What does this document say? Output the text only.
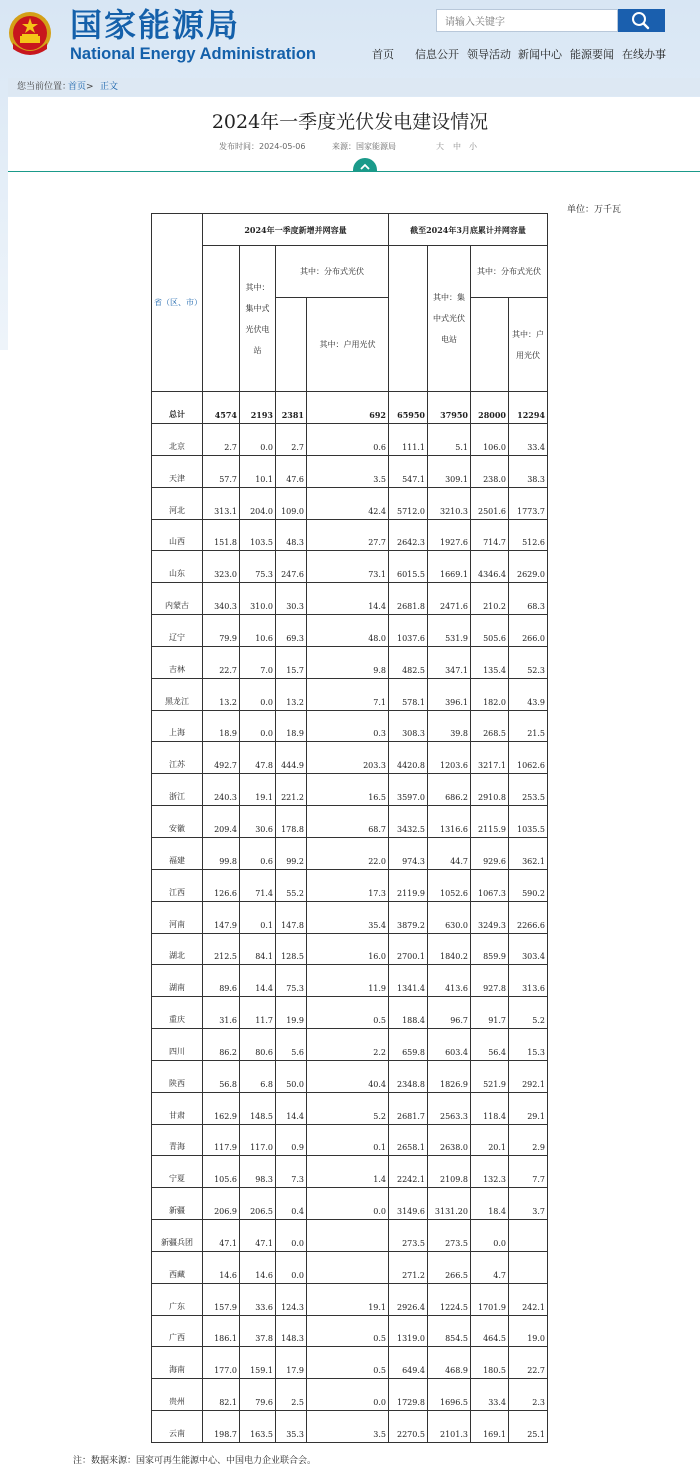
国家能源局
National Energy Administration
请输入关键字	首页 信息公开 领导活动 新闻中心 能源要闻 在线办事
您当前位置：
首页 > 正文
2024年一季度光伏发电建设情况
发布时间：2024-05-06	来源：国家能源局	大 中 小
单位：万千瓦
省（区、市）	2024年一季度新增并网容量				截至2024年3月底累计并网容量			
		其中：集中式光伏电站	其中：分布式光伏			其中：集中式光伏电站	其中：分布式光伏	
				其中：户用光伏				其中：户用光伏

总计	4574	2193	2381	692	65950	37950	28000	12294
北京	2.7	0.0	2.7	0.6	111.1	5.1	106.0	33.4
天津	57.7	10.1	47.6	3.5	547.1	309.1	238.0	38.3
河北	313.1	204.0	109.0	42.4	5712.0	3210.3	2501.6	1773.7
山西	151.8	103.5	48.3	27.7	2642.3	1927.6	714.7	512.6
山东	323.0	75.3	247.6	73.1	6015.5	1669.1	4346.4	2629.0
内蒙古	340.3	310.0	30.3	14.4	2681.8	2471.6	210.2	68.3
辽宁	79.9	10.6	69.3	48.0	1037.6	531.9	505.6	266.0
吉林	22.7	7.0	15.7	9.8	482.5	347.1	135.4	52.3
黑龙江	13.2	0.0	13.2	7.1	578.1	396.1	182.0	43.9
上海	18.9	0.0	18.9	0.3	308.3	39.8	268.5	21.5
江苏	492.7	47.8	444.9	203.3	4420.8	1203.6	3217.1	1062.6
浙江	240.3	19.1	221.2	16.5	3597.0	686.2	2910.8	253.5
安徽	209.4	30.6	178.8	68.7	3432.5	1316.6	2115.9	1035.5
福建	99.8	0.6	99.2	22.0	974.3	44.7	929.6	362.1
江西	126.6	71.4	55.2	17.3	2119.9	1052.6	1067.3	590.2
河南	147.9	0.1	147.8	35.4	3879.2	630.0	3249.3	2266.6
湖北	212.5	84.1	128.5	16.0	2700.1	1840.2	859.9	303.4
湖南	89.6	14.4	75.3	11.9	1341.4	413.6	927.8	313.6
重庆	31.6	11.7	19.9	0.5	188.4	96.7	91.7	5.2
四川	86.2	80.6	5.6	2.2	659.8	603.4	56.4	15.3
陕西	56.8	6.8	50.0	40.4	2348.8	1826.9	521.9	292.1
甘肃	162.9	148.5	14.4	5.2	2681.7	2563.3	118.4	29.1
青海	117.9	117.0	0.9	0.1	2658.1	2638.0	20.1	2.9
宁夏	105.6	98.3	7.3	1.4	2242.1	2109.8	132.3	7.7
新疆	206.9	206.5	0.4	0.0	3149.6	3131.20	18.4	3.7
新疆兵团	47.1	47.1	0.0		273.5	273.5	0.0	
西藏	14.6	14.6	0.0		271.2	266.5	4.7	
广东	157.9	33.6	124.3	19.1	2926.4	1224.5	1701.9	242.1
广西	186.1	37.8	148.3	0.5	1319.0	854.5	464.5	19.0
海南	177.0	159.1	17.9	0.5	649.4	468.9	180.5	22.7
贵州	82.1	79.6	2.5	0.0	1729.8	1696.5	33.4	2.3
云南	198.7	163.5	35.3	3.5	2270.5	2101.3	169.1	25.1
注：数据来源：国家可再生能源中心、中国电力企业联合会。
